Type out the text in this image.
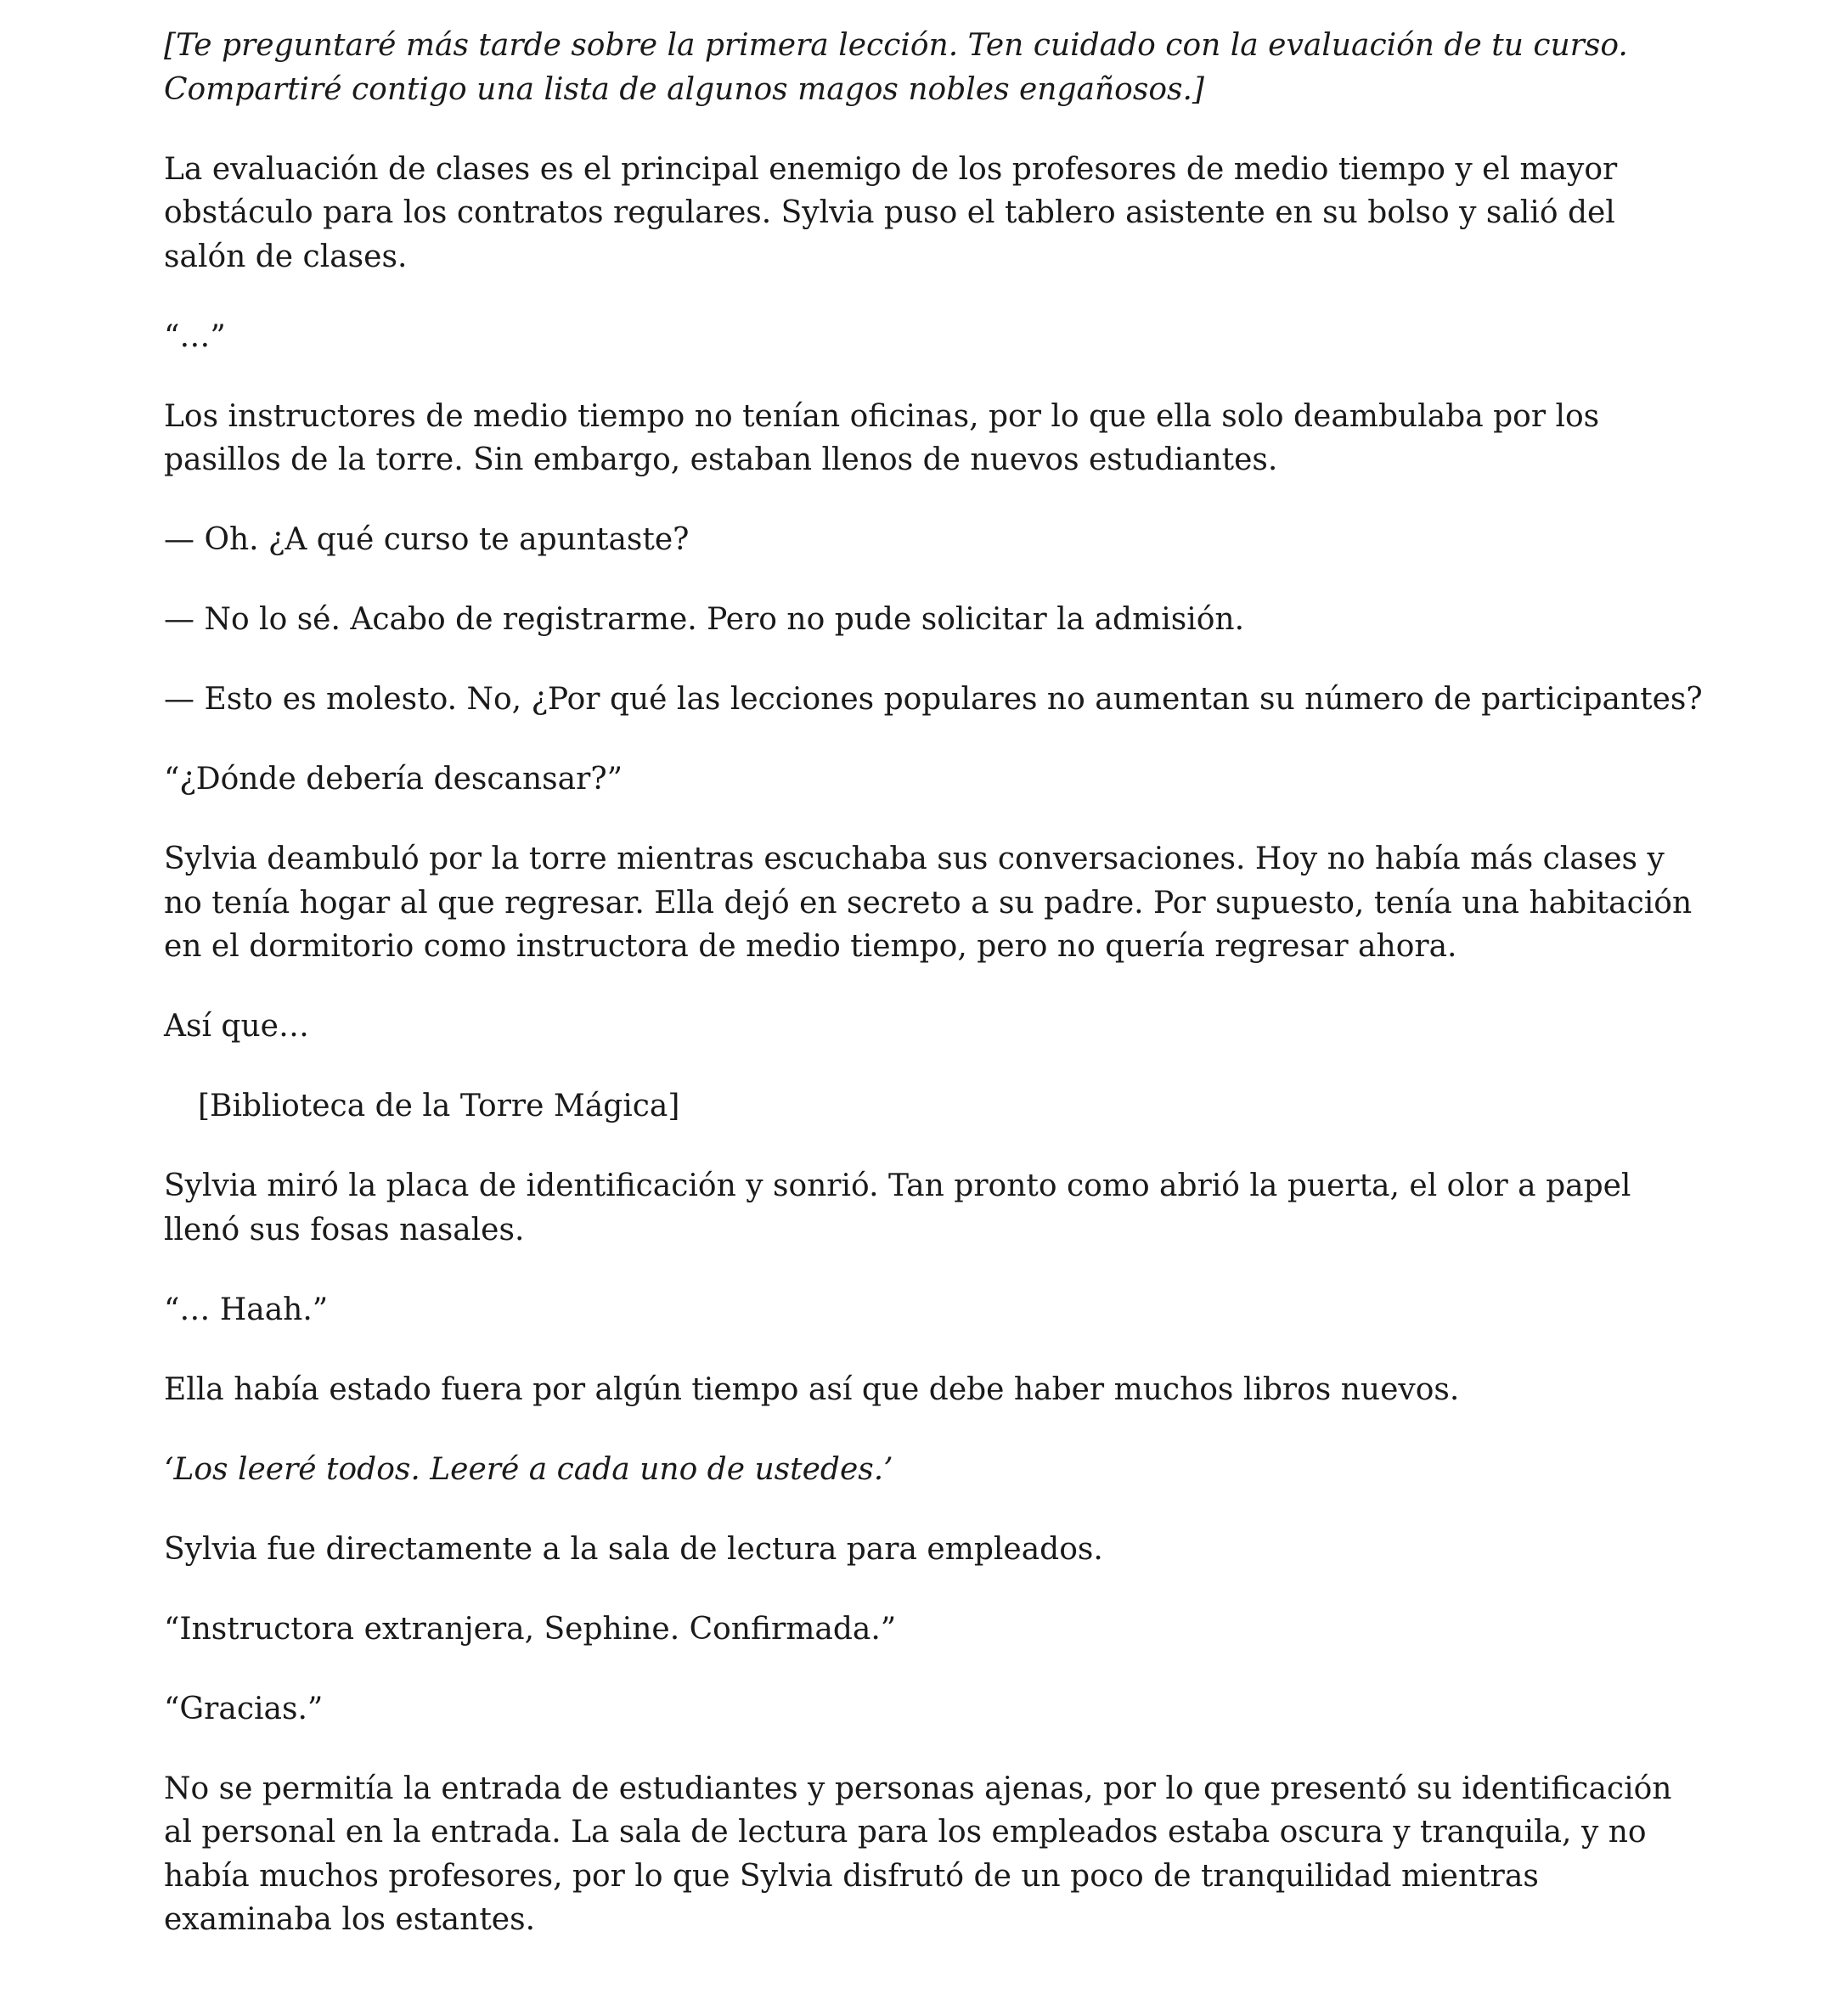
[Te preguntaré más tarde sobre la primera lección. Ten cuidado con la evaluación de tu curso. Compartiré contigo una lista de algunos magos nobles engañosos.]

La evaluación de clases es el principal enemigo de los profesores de medio tiempo y el mayor obstáculo para los contratos regulares. Sylvia puso el tablero asistente en su bolso y salió del salón de clases.

“…”

Los instructores de medio tiempo no tenían oficinas, por lo que ella solo deambulaba por los pasillos de la torre. Sin embargo, estaban llenos de nuevos estudiantes.

— Oh. ¿A qué curso te apuntaste?

— No lo sé. Acabo de registrarme. Pero no pude solicitar la admisión.

— Esto es molesto. No, ¿Por qué las lecciones populares no aumentan su número de participantes?

“¿Dónde debería descansar?”

Sylvia deambuló por la torre mientras escuchaba sus conversaciones. Hoy no había más clases y no tenía hogar al que regresar. Ella dejó en secreto a su padre. Por supuesto, tenía una habitación en el dormitorio como instructora de medio tiempo, pero no quería regresar ahora.

Así que…

[Biblioteca de la Torre Mágica]

Sylvia miró la placa de identificación y sonrió. Tan pronto como abrió la puerta, el olor a papel llenó sus fosas nasales.

“… Haah.”

Ella había estado fuera por algún tiempo así que debe haber muchos libros nuevos.

‘Los leeré todos. Leeré a cada uno de ustedes.’

Sylvia fue directamente a la sala de lectura para empleados.

“Instructora extranjera, Sephine. Confirmada.”

“Gracias.”

No se permitía la entrada de estudiantes y personas ajenas, por lo que presentó su identificación al personal en la entrada. La sala de lectura para los empleados estaba oscura y tranquila, y no había muchos profesores, por lo que Sylvia disfrutó de un poco de tranquilidad mientras examinaba los estantes.
